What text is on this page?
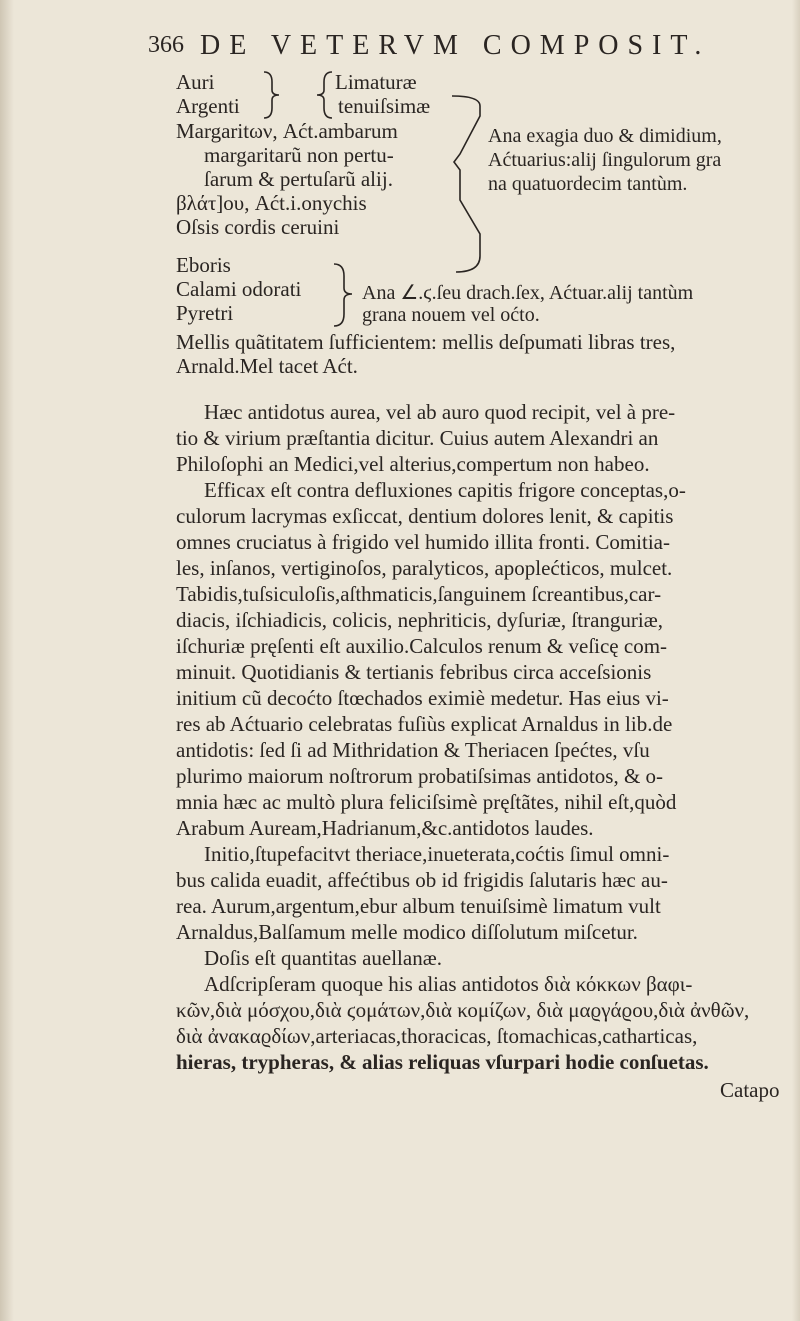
366 DE VETERVM COMPOSIT.
Auri
Argenti
Limaturæ
tenuiſsimæ
Margaritων, Aćt.ambarum
margaritarũ non pertu-
ſarum & pertuſarũ alij.
βλάτ]ου, Aćt.i.onychis
Oſsis cordis ceruini
Ana exagia duo & dimidium,
Aćtuarius:alij ſingulorum gra
na quatuordecim tantùm.
Eboris
Calami odorati
Pyretri
Ana ∠.ϛ.ſeu drach.ſex, Aćtuar.alij tantùm
grana nouem vel oćto.
Mellis quãtitatem ſufficientem: mellis deſpumati libras tres,
Arnald.Mel tacet Aćt.
Hæc antidotus aurea, vel ab auro quod recipit, vel à pre-
tio & virium præſtantia dicitur. Cuius autem Alexandri an
Philoſophi an Medici,vel alterius,compertum non habeo.
Efficax eſt contra defluxiones capitis frigore conceptas,o-
culorum lacrymas exſiccat, dentium dolores lenit, & capitis
omnes cruciatus à frigido vel humido illita fronti. Comitia-
les, inſanos, vertiginoſos, paralyticos, apoplećticos, mulcet.
Tabidis,tuſsiculoſis,aſthmaticis,ſanguinem ſcreantibus,car-
diacis, iſchiadicis, colicis, nephriticis, dyſuriæ, ſtranguriæ,
iſchuriæ pręſenti eſt auxilio.Calculos renum & veſicę com-
minuit. Quotidianis & tertianis febribus circa acceſsionis
initium cũ decoćto ſtœchados eximiè medetur. Has eius vi-
res ab Aćtuario celebratas fuſiùs explicat Arnaldus in lib.de
antidotis: ſed ſi ad Mithridation & Theriacen ſpećtes, vſu
plurimo maiorum noſtrorum probatiſsimas antidotos, & o-
mnia hæc ac multò plura feliciſsimè pręſtãtes, nihil eſt,quòd
Arabum Auream,Hadrianum,&c.antidotos laudes.
Initio,ſtupefacitvt theriace,inueterata,coćtis ſimul omni-
bus calida euadit, affećtibus ob id frigidis ſalutaris hæc au-
rea. Aurum,argentum,ebur album tenuiſsimè limatum vult
Arnaldus,Balſamum melle modico diſſolutum miſcetur.
Doſis eſt quantitas auellanæ.
Adſcripſeram quoque his alias antidotos διὰ κόκκων βαφι-
κῶν,διὰ μόσχου,διὰ ϛομάτων,διὰ κομίζων, διὰ μαϱγάϱου,διὰ ἀνθῶν,
διὰ ἀνακαϱδίων,arteriacas,thoracicas, ſtomachicas,catharticas,
hieras, trypheras, & alias reliquas vſurpari hodie conſuetas.
Catapo
